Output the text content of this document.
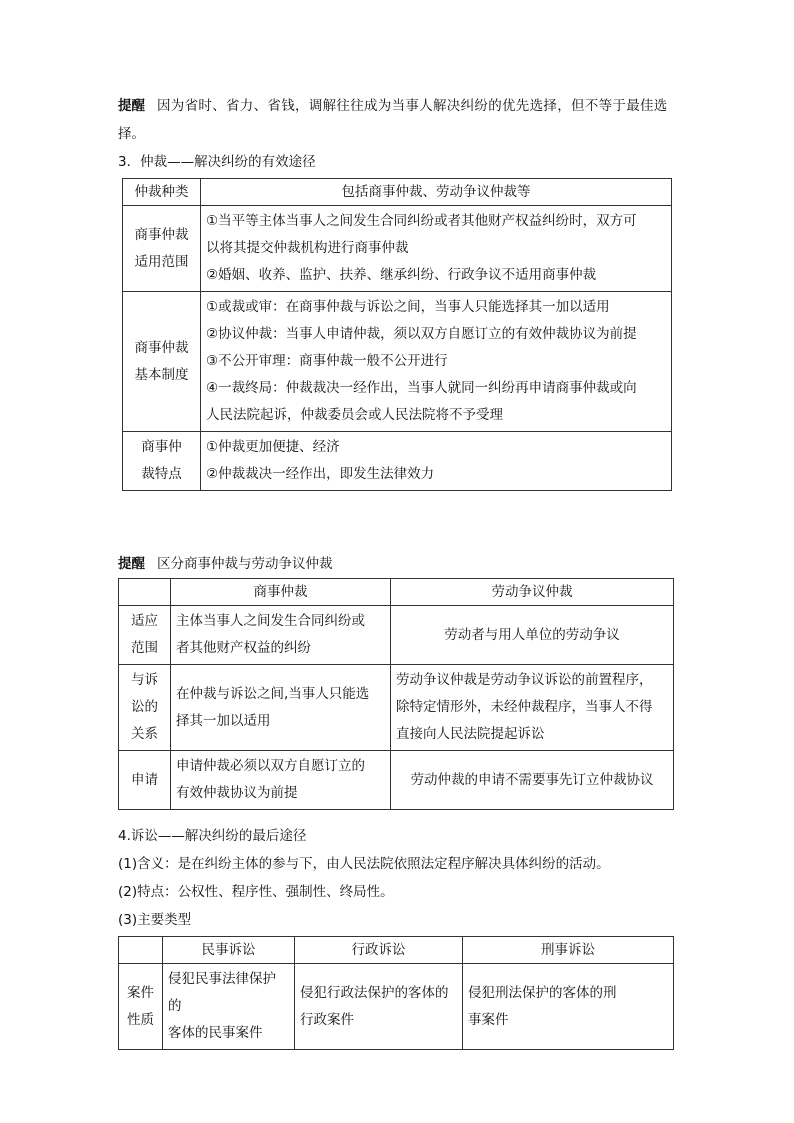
提醒 因为省时、省力、省钱，调解往往成为当事人解决纠纷的优先选择，但不等于最佳选
择。
3．仲裁——解决纠纷的有效途径
仲裁种类	包括商事仲裁、劳动争议仲裁等

商事仲裁
适用范围	①当平等主体当事人之间发生合同纠纷或者其他财产权益纠纷时，双方可
以将其提交仲裁机构进行商事仲裁
②婚姻、收养、监护、扶养、继承纠纷、行政争议不适用商事仲裁

商事仲裁
基本制度	①或裁或审：在商事仲裁与诉讼之间，当事人只能选择其一加以适用
②协议仲裁：当事人申请仲裁，须以双方自愿订立的有效仲裁协议为前提
③不公开审理：商事仲裁一般不公开进行
④一裁终局：仲裁裁决一经作出，当事人就同一纠纷再申请商事仲裁或向
人民法院起诉，仲裁委员会或人民法院将不予受理

商事仲
裁特点	①仲裁更加便捷、经济
②仲裁裁决一经作出，即发生法律效力
提醒 区分商事仲裁与劳动争议仲裁
	商事仲裁	劳动争议仲裁

适应
范围	主体当事人之间发生合同纠纷或
者其他财产权益的纠纷	劳动者与用人单位的劳动争议

与诉
讼的
关系	在仲裁与诉讼之间,当事人只能选
择其一加以适用	劳动争议仲裁是劳动争议诉讼的前置程序，
除特定情形外，未经仲裁程序，当事人不得
直接向人民法院提起诉讼

申请	申请仲裁必须以双方自愿订立的
有效仲裁协议为前提	劳动仲裁的申请不需要事先订立仲裁协议
4.诉讼——解决纠纷的最后途径
(1)含义：是在纠纷主体的参与下，由人民法院依照法定程序解决具体纠纷的活动。
(2)特点：公权性、程序性、强制性、终局性。
(3)主要类型
	民事诉讼	行政诉讼	刑事诉讼

案件
性质	侵犯民事法律保护的
客体的民事案件	侵犯行政法保护的客体的
行政案件	侵犯刑法保护的客体的刑
事案件
